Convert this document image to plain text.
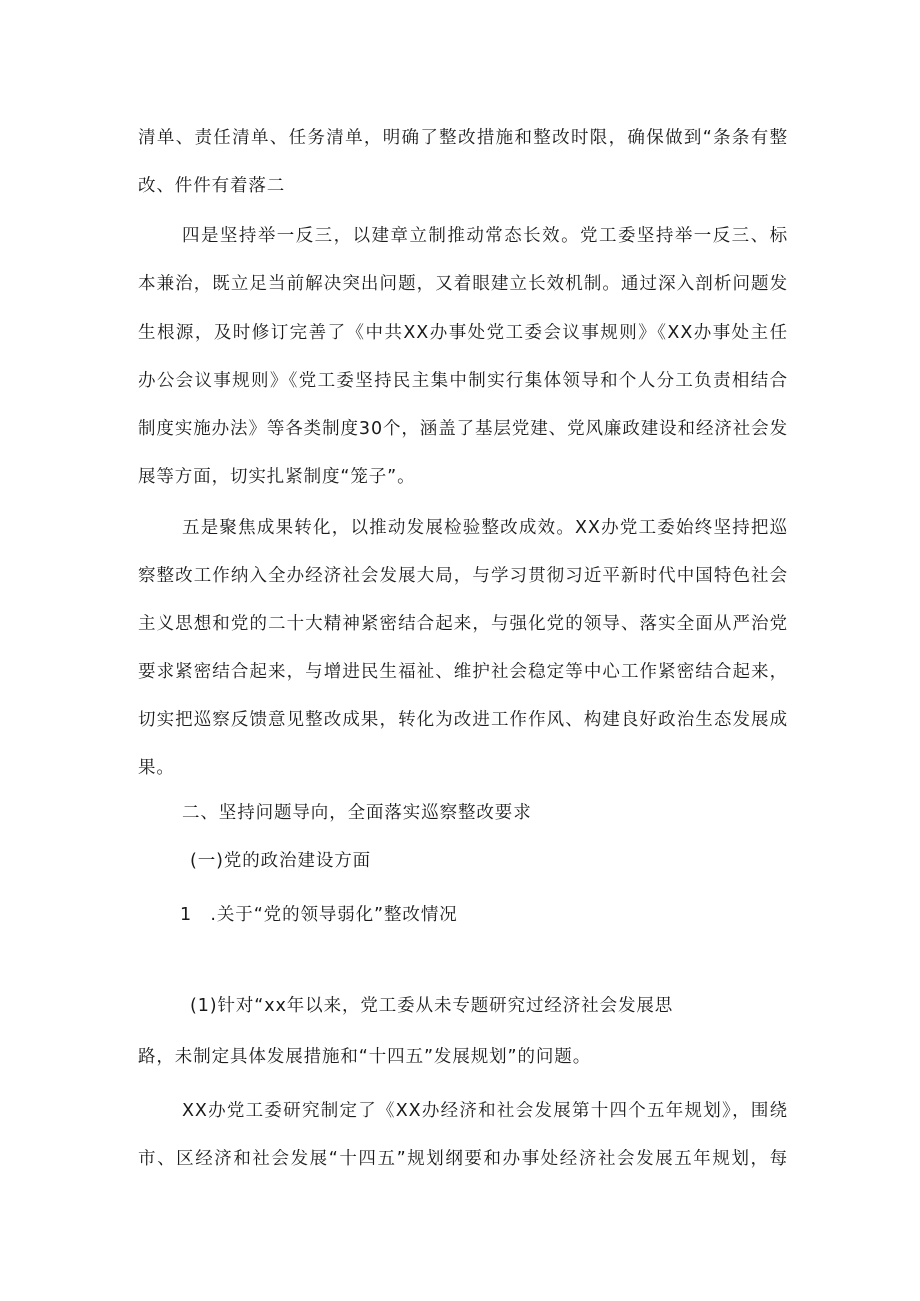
清单、责任清单、任务清单，明确了整改措施和整改时限，确保做到“条条有整
改、件件有着落二
四是坚持举一反三，以建章立制推动常态长效。党工委坚持举一反三、标
本兼治，既立足当前解决突出问题，又着眼建立长效机制。通过深入剖析问题发
生根源，及时修订完善了《中共XX办事处党工委会议事规则》《XX办事处主任
办公会议事规则》《党工委坚持民主集中制实行集体领导和个人分工负责相结合
制度实施办法》等各类制度30个，涵盖了基层党建、党风廉政建设和经济社会发
展等方面，切实扎紧制度“笼子”。
五是聚焦成果转化，以推动发展检验整改成效。XX办党工委始终坚持把巡
察整改工作纳入全办经济社会发展大局，与学习贯彻习近平新时代中国特色社会
主义思想和党的二十大精神紧密结合起来，与强化党的领导、落实全面从严治党
要求紧密结合起来，与增进民生福祉、维护社会稳定等中心工作紧密结合起来，
切实把巡察反馈意见整改成果，转化为改进工作作风、构建良好政治生态发展成
果。
二、坚持问题导向，全面落实巡察整改要求
(一)党的政治建设方面
1　.关于“党的领导弱化”整改情况
(1)针对“xx年以来，党工委从未专题研究过经济社会发展思
路，未制定具体发展措施和“十四五”发展规划”的问题。
XX办党工委研究制定了《XX办经济和社会发展第十四个五年规划》，围绕
市、区经济和社会发展“十四五”规划纲要和办事处经济社会发展五年规划，每
